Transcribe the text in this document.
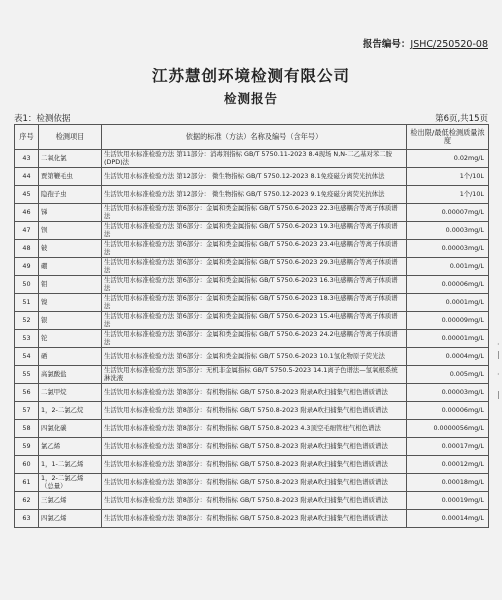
报告编号：JSHC/250520-08
江苏慧创环境检测有限公司
检测报告
表1：检测依据	第6页,共15页
序号	检测项目	依据的标准（方法）名称及编号（含年号）	检出限/最低检测质量浓度
43	二氧化氯	生活饮用水标准检验方法 第11部分：消毒剂指标 GB/T 5750.11-2023 8.4现场 N,N-二乙基对苯二胺(DPD)法	0.02mg/L
44	贾第鞭毛虫	生活饮用水标准检验方法 第12部分： 微生物指标 GB/T 5750.12-2023 8.1免疫磁分离荧光抗体法	1个/10L
45	隐孢子虫	生活饮用水标准检验方法 第12部分： 微生物指标 GB/T 5750.12-2023 9.1免疫磁分离荧光抗体法	1个/10L
46	锑	生活饮用水标准检验方法 第6部分：金属和类金属指标 GB/T 5750.6-2023 22.3电感耦合等离子体质谱法	0.00007mg/L
47	钡	生活饮用水标准检验方法 第6部分：金属和类金属指标 GB/T 5750.6-2023 19.3电感耦合等离子体质谱法	0.0003mg/L
48	铍	生活饮用水标准检验方法 第6部分：金属和类金属指标 GB/T 5750.6-2023 23.4电感耦合等离子体质谱法	0.00003mg/L
49	硼	生活饮用水标准检验方法 第6部分：金属和类金属指标 GB/T 5750.6-2023 29.3电感耦合等离子体质谱法	0.001mg/L
50	钼	生活饮用水标准检验方法 第6部分：金属和类金属指标 GB/T 5750.6-2023 16.3电感耦合等离子体质谱法	0.00006mg/L
51	镍	生活饮用水标准检验方法 第6部分：金属和类金属指标 GB/T 5750.6-2023 18.3电感耦合等离子体质谱法	0.0001mg/L
52	银	生活饮用水标准检验方法 第6部分：金属和类金属指标 GB/T 5750.6-2023 15.4电感耦合等离子体质谱法	0.00009mg/L
53	铊	生活饮用水标准检验方法 第6部分：金属和类金属指标 GB/T 5750.6-2023 24.2电感耦合等离子体质谱法	0.00001mg/L
54	硒	生活饮用水标准检验方法 第6部分：金属和类金属指标 GB/T 5750.6-2023 10.1氢化物原子荧光法	0.0004mg/L
55	高氯酸盐	生活饮用水标准检验方法 第5部分：无机非金属指标 GB/T 5750.5-2023 14.1离子色谱法—氢氧根系统淋洗液	0.005mg/L
56	二氯甲烷	生活饮用水标准检验方法 第8部分：有机物指标 GB/T 5750.8-2023 附录A吹扫捕集气相色谱质谱法	0.00003mg/L
57	1，2-二氯乙烷	生活饮用水标准检验方法 第8部分：有机物指标 GB/T 5750.8-2023 附录A吹扫捕集气相色谱质谱法	0.00006mg/L
58	四氯化碳	生活饮用水标准检验方法 第8部分：有机物指标 GB/T 5750.8-2023 4.3顶空毛细管柱气相色谱法	0.0000056mg/L
59	氯乙烯	生活饮用水标准检验方法 第8部分：有机物指标 GB/T 5750.8-2023 附录A吹扫捕集气相色谱质谱法	0.00017mg/L
60	1，1-二氯乙烯	生活饮用水标准检验方法 第8部分：有机物指标 GB/T 5750.8-2023 附录A吹扫捕集气相色谱质谱法	0.00012mg/L
61	1，2-二氯乙烯
（总量）	生活饮用水标准检验方法 第8部分：有机物指标 GB/T 5750.8-2023 附录A吹扫捕集气相色谱质谱法	0.00018mg/L
62	三氯乙烯	生活饮用水标准检验方法 第8部分：有机物指标 GB/T 5750.8-2023 附录A吹扫捕集气相色谱质谱法	0.00019mg/L
63	四氯乙烯	生活饮用水标准检验方法 第8部分：有机物指标 GB/T 5750.8-2023 附录A吹扫捕集气相色谱质谱法	0.00014mg/L
·
|

·

|
